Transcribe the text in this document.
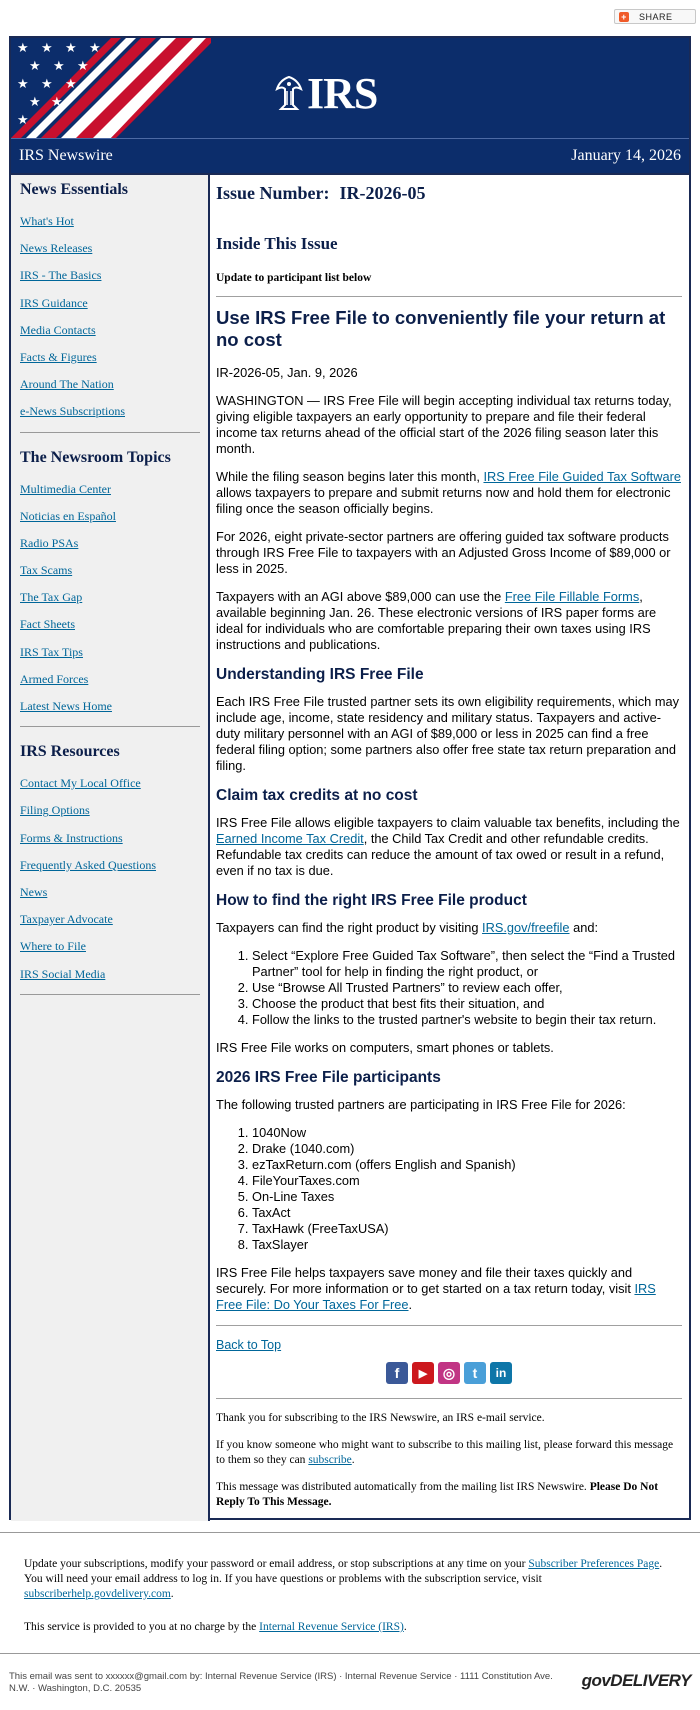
+ SHARE
★ ★ ★ ★
★ ★ ★
★ ★ ★
★ ★
★
IRS
IRS Newswire	January 14, 2026
News Essentials
What's Hot
News Releases
IRS - The Basics
IRS Guidance
Media Contacts
Facts & Figures
Around The Nation
e-News Subscriptions
The Newsroom Topics
Multimedia Center
Noticias en Español
Radio PSAs
Tax Scams
The Tax Gap
Fact Sheets
IRS Tax Tips
Armed Forces
Latest News Home
IRS Resources
Contact My Local Office
Filing Options
Forms & Instructions
Frequently Asked Questions
News
Taxpayer Advocate
Where to File
IRS Social Media

Issue Number: IR-2026-05

Inside This Issue

Update to participant list below

Use IRS Free File to conveniently file your return at no cost

IR-2026-05, Jan. 9, 2026

WASHINGTON — IRS Free File will begin accepting individual tax returns today, giving eligible taxpayers an early opportunity to prepare and file their federal income tax returns ahead of the official start of the 2026 filing season later this month.

While the filing season begins later this month, IRS Free File Guided Tax Software allows taxpayers to prepare and submit returns now and hold them for electronic filing once the season officially begins.

For 2026, eight private-sector partners are offering guided tax software products through IRS Free File to taxpayers with an Adjusted Gross Income of $89,000 or less in 2025.

Taxpayers with an AGI above $89,000 can use the Free File Fillable Forms, available beginning Jan. 26. These electronic versions of IRS paper forms are ideal for individuals who are comfortable preparing their own taxes using IRS instructions and publications.

Understanding IRS Free File

Each IRS Free File trusted partner sets its own eligibility requirements, which may include age, income, state residency and military status. Taxpayers and active-duty military personnel with an AGI of $89,000 or less in 2025 can find a free federal filing option; some partners also offer free state tax return preparation and filing.

Claim tax credits at no cost

IRS Free File allows eligible taxpayers to claim valuable tax benefits, including the Earned Income Tax Credit, the Child Tax Credit and other refundable credits. Refundable tax credits can reduce the amount of tax owed or result in a refund, even if no tax is due.

How to find the right IRS Free File product

Taxpayers can find the right product by visiting IRS.gov/freefile and:

1. Select “Explore Free Guided Tax Software”, then select the “Find a Trusted Partner” tool for help in finding the right product, or
2. Use “Browse All Trusted Partners” to review each offer,
3. Choose the product that best fits their situation, and
4. Follow the links to the trusted partner's website to begin their tax return.

IRS Free File works on computers, smart phones or tablets.

2026 IRS Free File participants

The following trusted partners are participating in IRS Free File for 2026:

1. 1040Now
2. Drake (1040.com)
3. ezTaxReturn.com (offers English and Spanish)
4. FileYourTaxes.com
5. On-Line Taxes
6. TaxAct
7. TaxHawk (FreeTaxUSA)
8. TaxSlayer

IRS Free File helps taxpayers save money and file their taxes quickly and securely. For more information or to get started on a tax return today, visit IRS Free File: Do Your Taxes For Free.

Back to Top
f ▶ ◎ t in

Thank you for subscribing to the IRS Newswire, an IRS e-mail service.

If you know someone who might want to subscribe to this mailing list, please forward this message to them so they can subscribe.

This message was distributed automatically from the mailing list IRS Newswire. Please Do Not Reply To This Message.

Update your subscriptions, modify your password or email address, or stop subscriptions at any time on your Subscriber Preferences Page. You will need your email address to log in. If you have questions or problems with the subscription service, visit subscriberhelp.govdelivery.com.

This service is provided to you at no charge by the Internal Revenue Service (IRS).

This email was sent to xxxxxx@gmail.com by: Internal Revenue Service (IRS) · Internal Revenue Service · 1111 Constitution Ave. N.W. · Washington, D.C. 20535	govDELIVERY
